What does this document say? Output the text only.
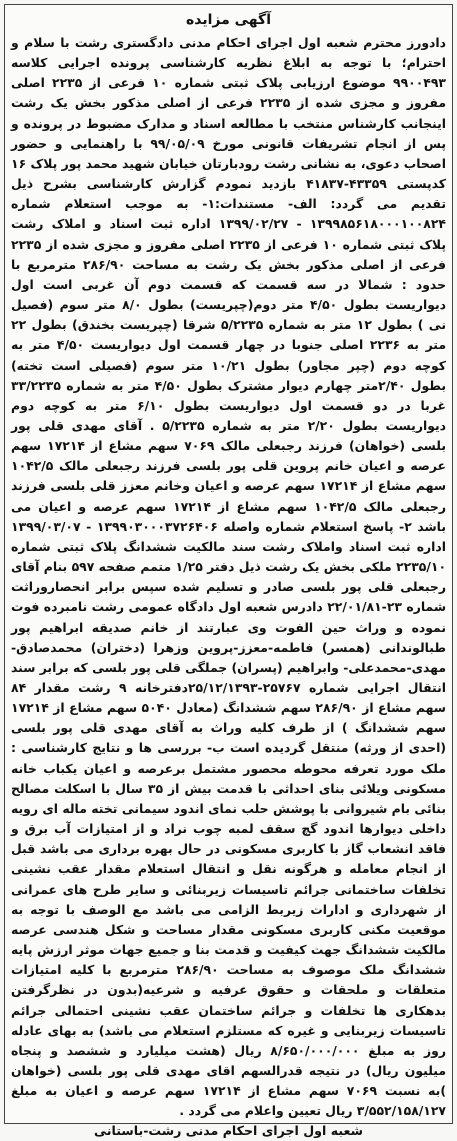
آگهی مزایده

دادورز محترم شعبه اول اجرای احکام مدنی دادگستری رشت با سلام و احترام؛ با توجه به ابلاغ نظریه کارشناسی پرونده اجرایی کلاسه ۹۹۰۰۴۹۳ موضوع ارزیابی پلاک ثبتی شماره ۱۰ فرعی از ۲۲۳۵ اصلی مفروز و مجزی شده از ۲۲۳۵ فرعی از اصلی مذکور بخش یک رشت اینجانب کارشناس منتخب با مطالعه اسناد و مدارک مضبوط در پرونده و پس از انجام تشریفات قانونی مورخ ۹۹/۰۵/۰۹ با راهنمایی و حضور اصحاب دعوی، به نشانی رشت رودبارتان خیابان شهید محمد پور پلاک ۱۶ کدپستی ۴۳۳۵۹-۴۱۸۳۷ بازدید نمودم گزارش کارشناسی بشرح ذیل تقدیم می گردد: الف- مستندات:۱- به موجب استعلام شماره ۱۳۹۹۸۵۶۱۸۰۰۰۱۰۰۸۲۴ - ۱۳۹۹/۰۲/۲۷ اداره ثبت اسناد و املاک رشت پلاک ثبتی شماره ۱۰ فرعی از ۲۲۳۵ اصلی مفروز و مجزی شده از ۲۲۳۵ فرعی از اصلی مذکور بخش یک رشت به مساحت ۲۸۶/۹۰ مترمربع با حدود : شمالا در سه قسمت که قسمت دوم آن غربی است اول دیواریست بطول ۴/۵۰ متر دوم(چپریست) بطول ۸/۰ متر سوم (فصیل نی ) بطول ۱۲ متر به شماره ۵/۲۲۳۵ شرقا (چپریست بخندق) بطول ۲۲ متر به ۲۲۳۶ اصلی جنوبا در چهار قسمت اول دیواریست ۴/۵۰ متر به کوچه دوم (چپر مجاور) بطول ۱۰/۲۱ متر سوم (فصیلی است تخته) بطول ۲/۴۰متر چهارم دیوار مشترک بطول ۴/۵۰ متر به شماره ۳۳/۲۲۳۵ غربا در دو قسمت اول دیواریست بطول ۶/۱۰ متر به کوچه دوم دیواریست بطول ۲/۲۰ متر به شماره ۵/۲۲۳۵ . آقای مهدی قلی پور بلسی (خواهان) فرزند رجبعلی مالک ۷۰۶۹ سهم مشاع از ۱۷۲۱۴ سهم عرصه و اعیان خانم پروین قلی پور بلسی فرزند رجبعلی مالک ۱۰۴۲/۵ سهم مشاع از ۱۷۲۱۴ سهم عرصه و اعیان وخانم معزز قلی بلسی فرزند رجبعلی مالک ۱۰۴۲/۵ سهم مشاع از ۱۷۲۱۴ سهم عرصه و اعیان می باشد ۲- پاسخ استعلام شماره واصله ۱۳۹۹۰۳۰۰۰۳۷۲۶۴۰۶ - ۱۳۹۹/۰۳/۰۷ اداره ثبت اسناد واملاک رشت سند مالکیت ششدانگ پلاک ثبتی شماره ۲۲۳۵/۱۰ ملکی بخش یک رشت ذیل دفتر ۱/۲۵ متمم صفحه ۵۹۷ بنام آقای رجبعلی قلی پور بلسی صادر و تسلیم شده سپس برابر انحصاروراثت شماره ۲۳-۲۲/۰۱/۸۱ دادرس شعبه اول دادگاه عمومی رشت نامبرده فوت نموده و وراث حین الفوت وی عبارتند از خانم صدیقه ابراهیم پور طبالوندانی (همسر) فاطمه-معزز-پروین وزهرا (دختران) محمدصادق-مهدی-محمدعلی- وابراهیم (پسران) جملگی قلی پور بلسی که برابر سند انتقال اجرایی شماره ۲۵۷۶۷-۲۵/۱۲/۱۳۹۳دفترخانه ۹ رشت مقدار ۸۴ سهم مشاع از ۲۸۶/۹۰ سهم ششدانگ (معادل ۵۰۴۰ سهم مشاع از ۱۷۲۱۴ سهم ششدانگ ) از طرف کلیه وراث به آقای مهدی قلی پور بلسی (احدی از ورثه) منتقل گردیده است ب- بررسی ها و نتایج کارشناسی : ملک مورد تعرفه محوطه محصور مشتمل برعرصه و اعیان یکباب خانه مسکونی ویلائی بنای احداثی با قدمت بیش از ۳۵ سال با اسکلت مصالح بنائی بام شیروانی با پوشش حلب نمای اندود سیمانی تخته ماله ای رویه داخلی دیوارها اندود گچ سقف لمبه چوب نراد و از امتیازات آب برق و فاقد انشعاب گاز با کاربری مسکونی در حال بهره برداری می باشد قبل از انجام معامله و هرگونه نقل و انتقال استعلام مقدار عقب نشینی تخلفات ساختمانی جرائم تاسیسات زیربنائی و سایر طرح های عمرانی از شهرداری و ادارات زیربط الزامی می باشد مع الوصف با توجه به موقعیت مکنی کاربری مسکونی مقدار مساحت و شکل هندسی عرصه مالکیت ششدانگ جهت کیفیت و قدمت بنا و جمیع جهات موثر ارزش پایه ششدانگ ملک موصوف به مساحت ۲۸۶/۹۰ مترمربع با کلیه امتیازات متعلقات و ملحقات و حقوق عرفیه و شرعیه(بدون در نظرگرفتن بدهکاری ها تخلفات و جرائم ساختمان عقب نشینی احتمالی جرائم تاسیسات زیربنایی و غیره که مستلزم استعلام می باشد) به بهای عادله روز به مبلغ ۸/۶۵۰/۰۰۰/۰۰۰ ریال (هشت میلیارد و ششصد و پنجاه میلیون ریال) در نتیجه قدرالسهم اقای مهدی قلی پور بلسی (خواهان )به نسبت ۷۰۶۹ سهم مشاع از ۱۷۲۱۴ سهم عرصه و اعیان به مبلغ ۳/۵۵۲/۱۵۸/۱۲۷ ریال تعیین واعلام می گردد .

شعبه اول اجرای احکام مدنی رشت-باستانی
